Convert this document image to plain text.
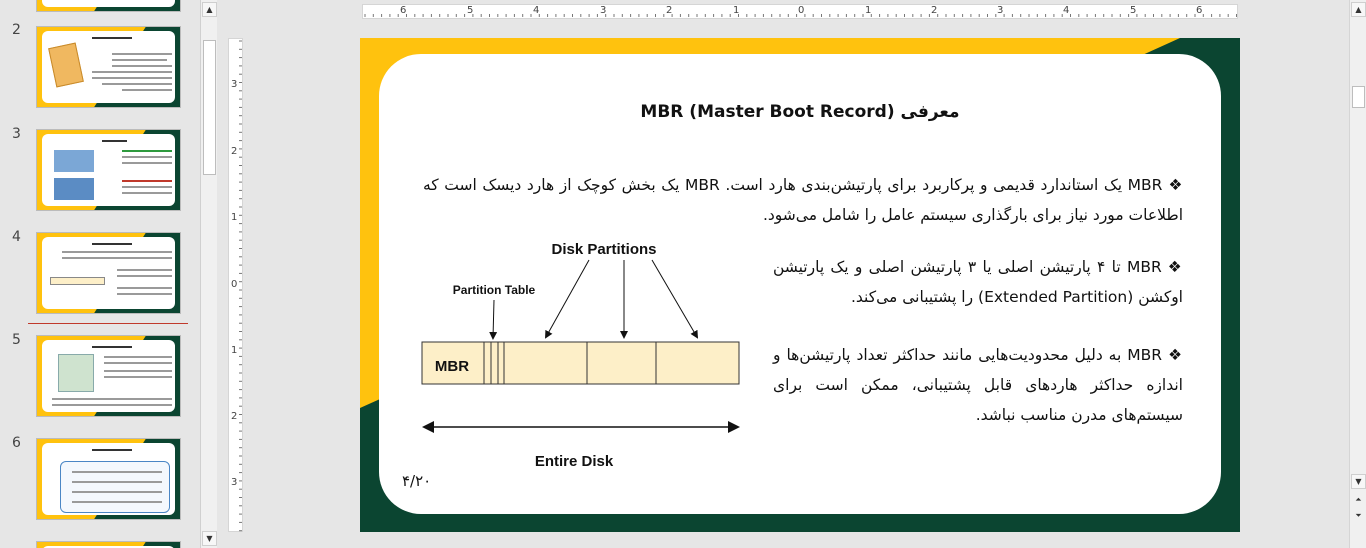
2
3
4
5
6
▲
▼
6	5	4	3	2	1	0	1	2	3	4	5	6
3
2
1
0
1
2
3
معرفی MBR (Master Boot Record)
❖MBR یک استاندارد قدیمی و پرکاربرد برای پارتیشن‌بندی هارد است. MBR یک بخش کوچک از هارد دیسک است که اطلاعات مورد نیاز برای بارگذاری سیستم عامل را شامل می‌شود.
❖MBR تا ۴ پارتیشن اصلی یا ۳ پارتیشن اصلی و یک پارتیشن اوکشن (Extended Partition) را پشتیبانی می‌کند.
❖MBR به دلیل محدودیت‌هایی مانند حداکثر تعداد پارتیشن‌ها و اندازه حداکثر هاردهای قابل پشتیبانی، ممکن است برای سیستم‌های مدرن مناسب نباشد.
Disk Partitions
Partition Table
MBR
Entire Disk
۴/۲۰
▲
▼
⏶
⏷
